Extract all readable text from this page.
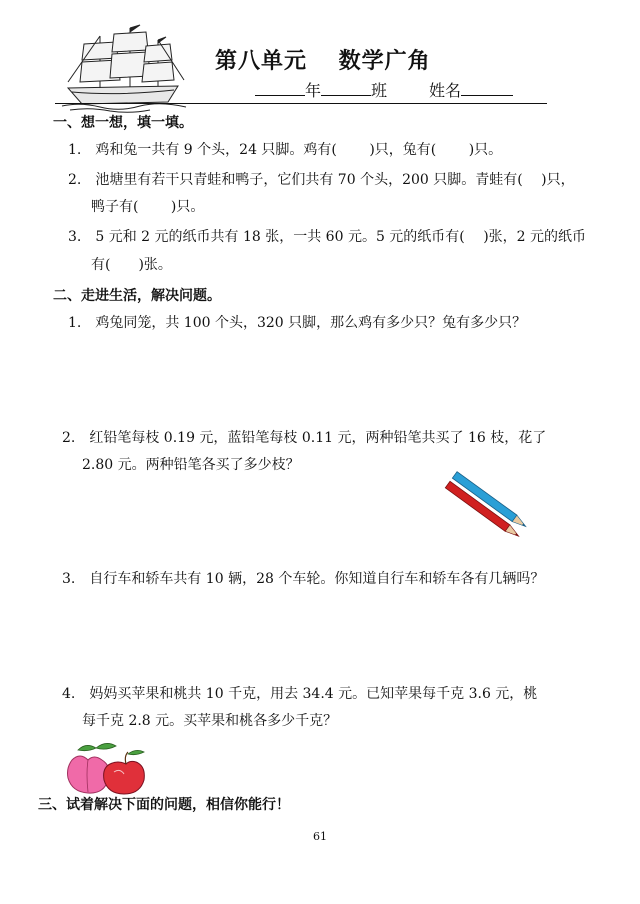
第八单元　 数学广角
年	班	姓名
一、想一想，填一填。
1.　鸡和兔一共有 9 个头，24 只脚。鸡有(　　 )只，兔有(　　 )只。
2.　池塘里有若干只青蛙和鸭子，它们共有 70 个头，200 只脚。青蛙有(　 )只，
鸭子有(　　 )只。
3.　5 元和 2 元的纸币共有 18 张，一共 60 元。5 元的纸币有(　 )张，2 元的纸币
有(　　)张。
二、走进生活，解决问题。
1.　鸡兔同笼，共 100 个头，320 只脚，那么鸡有多少只？兔有多少只？
2.　红铅笔每枝 0.19 元，蓝铅笔每枝 0.11 元，两种铅笔共买了 16 枝，花了
2.80 元。两种铅笔各买了多少枝？
3.　自行车和轿车共有 10 辆，28 个车轮。你知道自行车和轿车各有几辆吗？
4.　妈妈买苹果和桃共 10 千克，用去 34.4 元。已知苹果每千克 3.6 元，桃
每千克 2.8 元。买苹果和桃各多少千克？
三、试着解决下面的问题，相信你能行！
61
